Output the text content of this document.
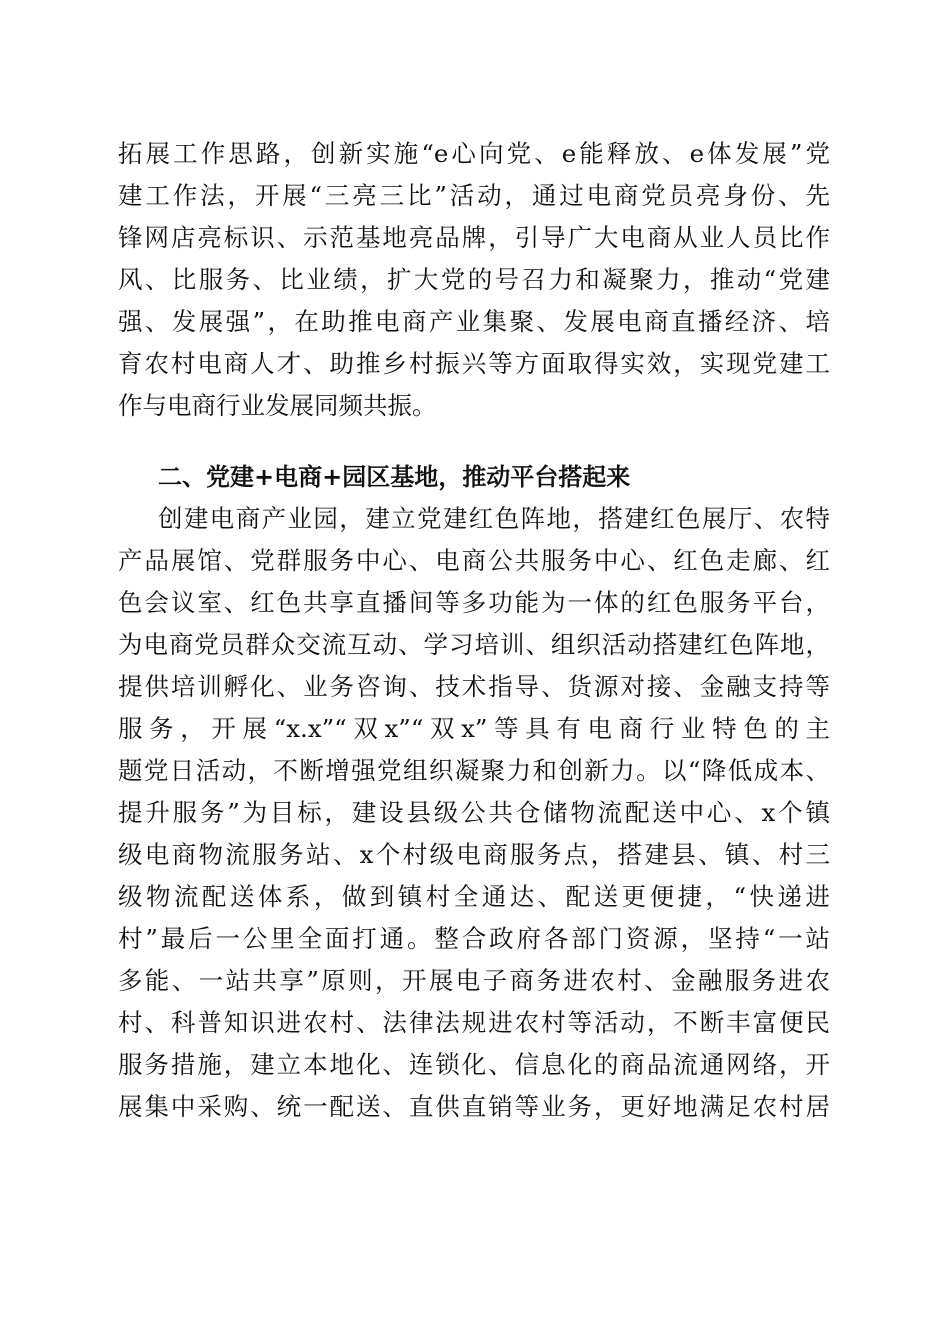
拓展工作思路，创新实施“e心向党、e能释放、e体发展”党
建工作法，开展“三亮三比”活动，通过电商党员亮身份、先
锋网店亮标识、示范基地亮品牌，引导广大电商从业人员比作
风、比服务、比业绩，扩大党的号召力和凝聚力，推动“党建
强、发展强”，在助推电商产业集聚、发展电商直播经济、培
育农村电商人才、助推乡村振兴等方面取得实效，实现党建工
作与电商行业发展同频共振。
二、党建+电商+园区基地，推动平台搭起来
创建电商产业园，建立党建红色阵地，搭建红色展厅、农特
产品展馆、党群服务中心、电商公共服务中心、红色走廊、红
色会议室、红色共享直播间等多功能为一体的红色服务平台，
为电商党员群众交流互动、学习培训、组织活动搭建红色阵地，
提供培训孵化、业务咨询、技术指导、货源对接、金融支持等
服务，开展“x.x”“双x”“双x”等具有电商行业特色的主
题党日活动，不断增强党组织凝聚力和创新力。以“降低成本、
提升服务”为目标，建设县级公共仓储物流配送中心、x个镇
级电商物流服务站、x个村级电商服务点，搭建县、镇、村三
级物流配送体系，做到镇村全通达、配送更便捷，“快递进
村”最后一公里全面打通。整合政府各部门资源，坚持“一站
多能、一站共享”原则，开展电子商务进农村、金融服务进农
村、科普知识进农村、法律法规进农村等活动，不断丰富便民
服务措施，建立本地化、连锁化、信息化的商品流通网络，开
展集中采购、统一配送、直供直销等业务，更好地满足农村居
